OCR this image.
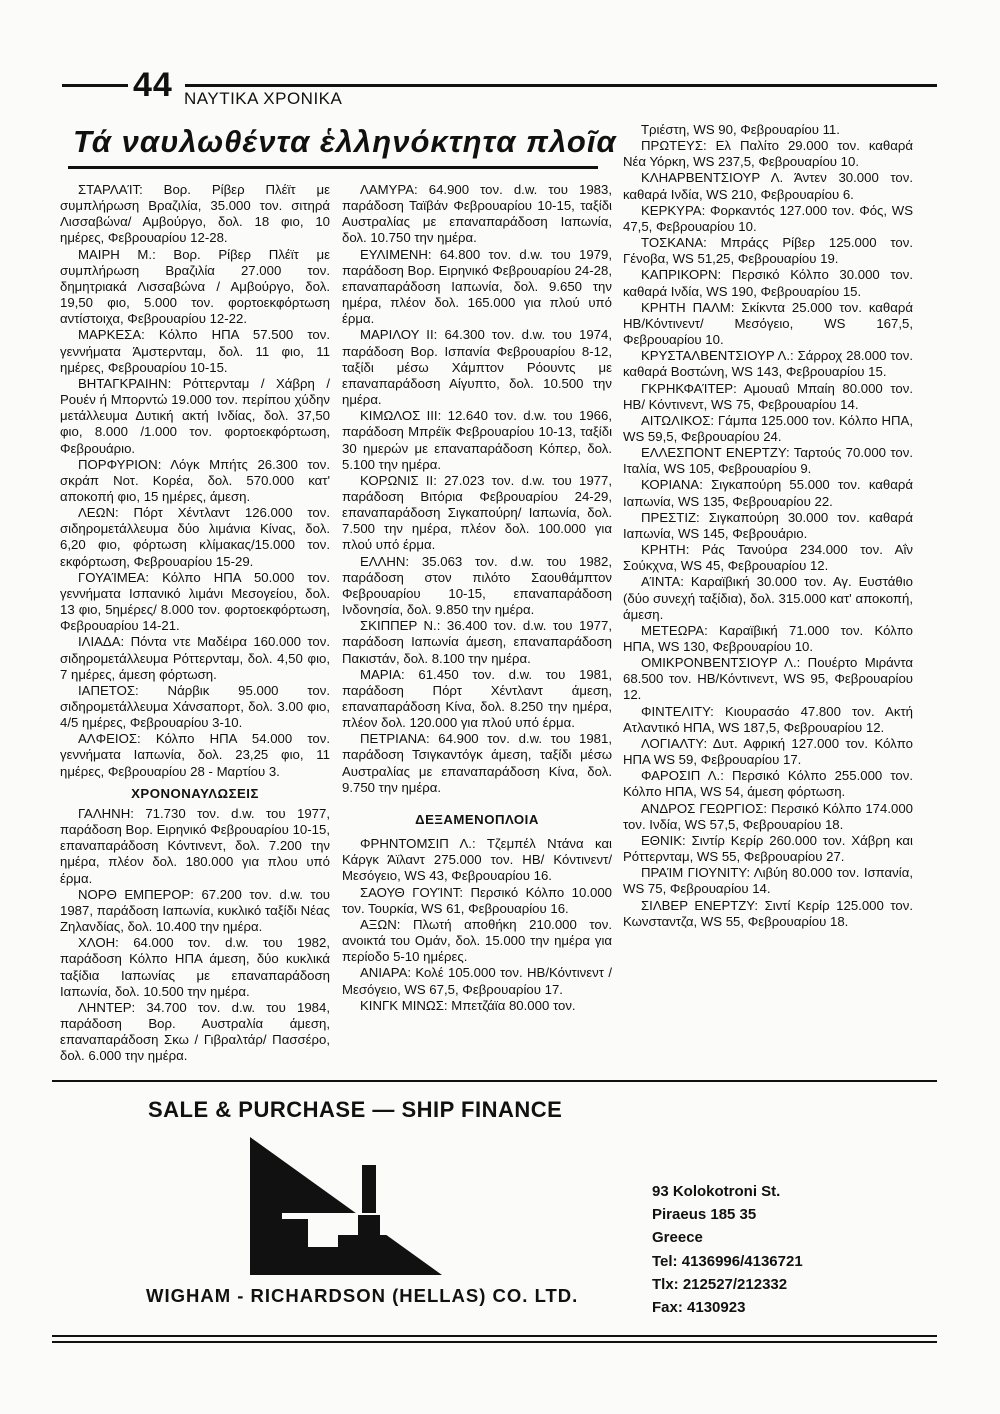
44 ΝΑΥΤΙΚΑ ΧΡΟΝΙΚΑ
Τά ναυλωθέντα ἑλληνόκτητα πλοῖα

ΣΤΑΡΛΑΊΤ: Βορ. Ρίβερ Πλέϊτ με συμπλήρωση Βραζιλία, 35.000 τον. σιτηρά Λισσαβώνα/ Αμβούργο, δολ. 18 φιο, 10 ημέρες, Φεβρουαρίου 12-28.

ΜΑΙΡΗ Μ.: Βορ. Ρίβερ Πλέϊτ με συμπλήρωση Βραζιλία 27.000 τον. δημητριακά Λισσαβώνα / Αμβούργο, δολ. 19,50 φιο, 5.000 τον. φορτοεκφόρτωση αντίστοιχα, Φεβρουαρίου 12-22.

ΜΑΡΚΕΣΑ: Κόλπο ΗΠΑ 57.500 τον. γεννήματα Άμστερνταμ, δολ. 11 φιο, 11 ημέρες, Φεβρουαρίου 10-15.

ΒΗΤΑΓΚΡΑΙΗΝ: Ρόττερνταμ / Χάβρη / Ρουέν ή Μπορντώ 19.000 τον. περίπου χύδην μετάλλευμα Δυτική ακτή Ινδίας, δολ. 37,50 φιο, 8.000 /1.000 τον. φορτοεκφόρτωση, Φεβρουάριο.

ΠΟΡΦΥΡΙΟΝ: Λόγκ Μπήτς 26.300 τον. σκράπ Νοτ. Κορέα, δολ. 570.000 κατ' αποκοπή φιο, 15 ημέρες, άμεση.

ΛΕΩΝ: Πόρτ Χέντλαντ 126.000 τον. σιδηρομετάλλευμα δύο λιμάνια Κίνας, δολ. 6,20 φιο, φόρτωση κλίμακας/15.000 τον. εκφόρτωση, Φεβρουαρίου 15-29.

ΓΟΥΑΊΜΕΑ: Κόλπο ΗΠΑ 50.000 τον. γεννήματα Ισπανικό λιμάνι Μεσογείου, δολ. 13 φιο, 5ημέρες/ 8.000 τον. φορτοεκφόρτωση, Φεβρουαρίου 14-21.

ΙΛΙΑΔΑ: Πόντα ντε Μαδέιρα 160.000 τον. σιδηρομετάλλευμα Ρόττερνταμ, δολ. 4,50 φιο, 7 ημέρες, άμεση φόρτωση.

ΙΑΠΕΤΟΣ: Νάρβικ 95.000 τον. σιδηρομετάλλευμα Χάνσαπορτ, δολ. 3.00 φιο, 4/5 ημέρες, Φεβρουαρίου 3-10.

ΑΛΦΕΙΟΣ: Κόλπο ΗΠΑ 54.000 τον. γεννήματα Ιαπωνία, δολ. 23,25 φιο, 11 ημέρες, Φεβρουαρίου 28 - Μαρτίου 3.

ΧΡΟΝΟΝΑΥΛΩΣΕΙΣ

ΓΑΛΗΝΗ: 71.730 τον. d.w. του 1977, παράδοση Βορ. Ειρηνικό Φεβρουαρίου 10-15, επαναπαράδοση Κόντινεντ, δολ. 7.200 την ημέρα, πλέον δολ. 180.000 για πλου υπό έρμα.

ΝΟΡΘ ΕΜΠΕΡΟΡ: 67.200 τον. d.w. του 1987, παράδοση Ιαπωνία, κυκλικό ταξίδι Νέας Ζηλανδίας, δολ. 10.400 την ημέρα.

ΧΛΟΗ: 64.000 τον. d.w. του 1982, παράδοση Κόλπο ΗΠΑ άμεση, δύο κυκλικά ταξίδια Ιαπωνίας με επαναπαράδοση Ιαπωνία, δολ. 10.500 την ημέρα.

ΛΗΝΤΕΡ: 34.700 τον. d.w. του 1984, παράδοση Βορ. Αυστραλία άμεση, επαναπαράδοση Σκω / Γιβραλτάρ/ Πασσέρο, δολ. 6.000 την ημέρα.

ΛΑΜΥΡΑ: 64.900 τον. d.w. του 1983, παράδοση Ταϊβάν Φεβρουαρίου 10-15, ταξίδι Αυστραλίας με επαναπαράδοση Ιαπωνία, δολ. 10.750 την ημέρα.

ΕΥΛΙΜΕΝΗ: 64.800 τον. d.w. του 1979, παράδοση Βορ. Ειρηνικό Φεβρουαρίου 24-28, επαναπαράδοση Ιαπωνία, δολ. 9.650 την ημέρα, πλέον δολ. 165.000 για πλού υπό έρμα.

ΜΑΡΙΛΟΥ ΙΙ: 64.300 τον. d.w. του 1974, παράδοση Βορ. Ισπανία Φεβρουαρίου 8-12, ταξίδι μέσω Χάμπτον Ρόουντς με επαναπαράδοση Αίγυπτο, δολ. 10.500 την ημέρα.

ΚΙΜΩΛΟΣ ΙΙΙ: 12.640 τον. d.w. του 1966, παράδοση Μπρέϊκ Φεβρουαρίου 10-13, ταξίδι 30 ημερών με επαναπαράδοση Κόπερ, δολ. 5.100 την ημέρα.

ΚΟΡΩΝΙΣ ΙΙ: 27.023 τον. d.w. του 1977, παράδοση Βιτόρια Φεβρουαρίου 24-29, επαναπαράδοση Σιγκαπούρη/ Ιαπωνία, δολ. 7.500 την ημέρα, πλέον δολ. 100.000 για πλού υπό έρμα.

ΕΛΛΗΝ: 35.063 τον. d.w. του 1982, παράδοση στον πιλότο Σαουθάμπτον Φεβρουαρίου 10-15, επαναπαράδοση Ινδονησία, δολ. 9.850 την ημέρα.

ΣΚΙΠΠΕΡ Ν.: 36.400 τον. d.w. του 1977, παράδοση Ιαπωνία άμεση, επαναπαράδοση Πακιστάν, δολ. 8.100 την ημέρα.

ΜΑΡΙΑ: 61.450 τον. d.w. του 1981, παράδοση Πόρτ Χέντλαντ άμεση, επαναπαράδοση Κίνα, δολ. 8.250 την ημέρα, πλέον δολ. 120.000 για πλού υπό έρμα.

ΠΕΤΡΙΑΝΑ: 64.900 τον. d.w. του 1981, παράδοση Τσιγκαντόγκ άμεση, ταξίδι μέσω Αυστραλίας με επαναπαράδοση Κίνα, δολ. 9.750 την ημέρα.

ΔΕΞΑΜΕΝΟΠΛΟΙΑ

ΦΡΗΝΤΟΜΣΙΠ Λ.: Τζεμπέλ Ντάνα και Κάργκ Άϊλαντ 275.000 τον. ΗΒ/ Κόντινεντ/ Μεσόγειο, WS 43, Φεβρουαρίου 16.

ΣΑΟΥΘ ΓΟΥΊΝΤ: Περσικό Κόλπο 10.000 τον. Τουρκία, WS 61, Φεβρουαρίου 16.

ΑΞΩΝ: Πλωτή αποθήκη 210.000 τον. ανοικτά του Ομάν, δολ. 15.000 την ημέρα για περίοδο 5-10 ημέρες.

ΑΝΙΑΡΑ: Κολέ 105.000 τον. ΗΒ/Κόντινεντ / Μεσόγειο, WS 67,5, Φεβρουαρίου 17.

ΚΙΝΓΚ ΜΙΝΩΣ: Μπετζάϊα 80.000 τον.

Τριέστη, WS 90, Φεβρουαρίου 11.

ΠΡΩΤΕΥΣ: Ελ Παλίτο 29.000 τον. καθαρά Νέα Υόρκη, WS 237,5, Φεβρουαρίου 10.

ΚΛΗΑΡΒΕΝΤΣΙΟΥΡ Λ. Άντεν 30.000 τον. καθαρά Ινδία, WS 210, Φεβρουαρίου 6.

ΚΕΡΚΥΡΑ: Φορκαντός 127.000 τον. Φός, WS 47,5, Φεβρουαρίου 10.

ΤΟΣΚΑΝΑ: Μπράςς Ρίβερ 125.000 τον. Γένοβα, WS 51,25, Φεβρουαρίου 19.

ΚΑΠΡΙΚΟΡΝ: Περσικό Κόλπο 30.000 τον. καθαρά Ινδία, WS 190, Φεβρουαρίου 15.

ΚΡΗΤΗ ΠΑΛΜ: Σκίκντα 25.000 τον. καθαρά ΗΒ/Κόντινεντ/ Μεσόγειο, WS 167,5, Φεβρουαρίου 10.

ΚΡΥΣΤΑΛΒΕΝΤΣΙΟΥΡ Λ.: Σάρροχ 28.000 τον. καθαρά Βοστώνη, WS 143, Φεβρουαρίου 15.

ΓΚΡΗΚΦΑΊΤΕΡ: Αμουαΰ Μπαίη 80.000 τον. ΗΒ/ Κόντινεντ, WS 75, Φεβρουαρίου 14.

ΑΙΤΩΛΙΚΟΣ: Γάμπα 125.000 τον. Κόλπο ΗΠΑ, WS 59,5, Φεβρουαρίου 24.

ΕΛΛΕΣΠΟΝΤ ΕΝΕΡΤΖΥ: Ταρτούς 70.000 τον. Ιταλία, WS 105, Φεβρουαρίου 9.

ΚΟΡΙΑΝΑ: Σιγκαπούρη 55.000 τον. καθαρά Ιαπωνία, WS 135, Φεβρουαρίου 22.

ΠΡΕΣΤΙΖ: Σιγκαπούρη 30.000 τον. καθαρά Ιαπωνία, WS 145, Φεβρουάριο.

ΚΡΗΤΗ: Ράς Τανούρα 234.000 τον. Αΐν Σούκχνα, WS 45, Φεβρουαρίου 12.

ΑΊΝΤΑ: Καραϊβική 30.000 τον. Αγ. Ευστάθιο (δύο συνεχή ταξίδια), δολ. 315.000 κατ' αποκοπή, άμεση.

ΜΕΤΕΩΡΑ: Καραϊβική 71.000 τον. Κόλπο ΗΠΑ, WS 130, Φεβρουαρίου 10.

ΟΜΙΚΡΟΝΒΕΝΤΣΙΟΥΡ Λ.: Πουέρτο Μιράντα 68.500 τον. ΗΒ/Κόντινεντ, WS 95, Φεβρουαρίου 12.

ΦΙΝΤΕΛΙΤΥ: Κιουρασάο 47.800 τον. Ακτή Ατλαντικό ΗΠΑ, WS 187,5, Φεβρουαρίου 12.

ΛΟΓΙΑΛΤΥ: Δυτ. Αφρική 127.000 τον. Κόλπο ΗΠΑ WS 59, Φεβρουαρίου 17.

ΦΑΡΟΣΙΠ Λ.: Περσικό Κόλπο 255.000 τον. Κόλπο ΗΠΑ, WS 54, άμεση φόρτωση.

ΑΝΔΡΟΣ ΓΕΩΡΓΙΟΣ: Περσικό Κόλπο 174.000 τον. Ινδία, WS 57,5, Φεβρουαρίου 18.

ΕΘΝΙΚ: Σιντίρ Κερίρ 260.000 τον. Χάβρη και Ρόττερνταμ, WS 55, Φεβρουαρίου 27.

ΠΡΑΊΜ ΓΙΟΥΝΙΤΥ: Λιβύη 80.000 τον. Ισπανία, WS 75, Φεβρουαρίου 14.

ΣΙΛΒΕΡ ΕΝΕΡΤΖΥ: Σιντί Κερίρ 125.000 τον. Κωνσταντζα, WS 55, Φεβρουαρίου 18.

SALE & PURCHASE — SHIP FINANCE
WIGHAM - RICHARDSON (HELLAS) CO. LTD.
93 Kolokotroni St.
Piraeus 185 35
Greece
Tel: 4136996/4136721
Tlx: 212527/212332
Fax: 4130923
